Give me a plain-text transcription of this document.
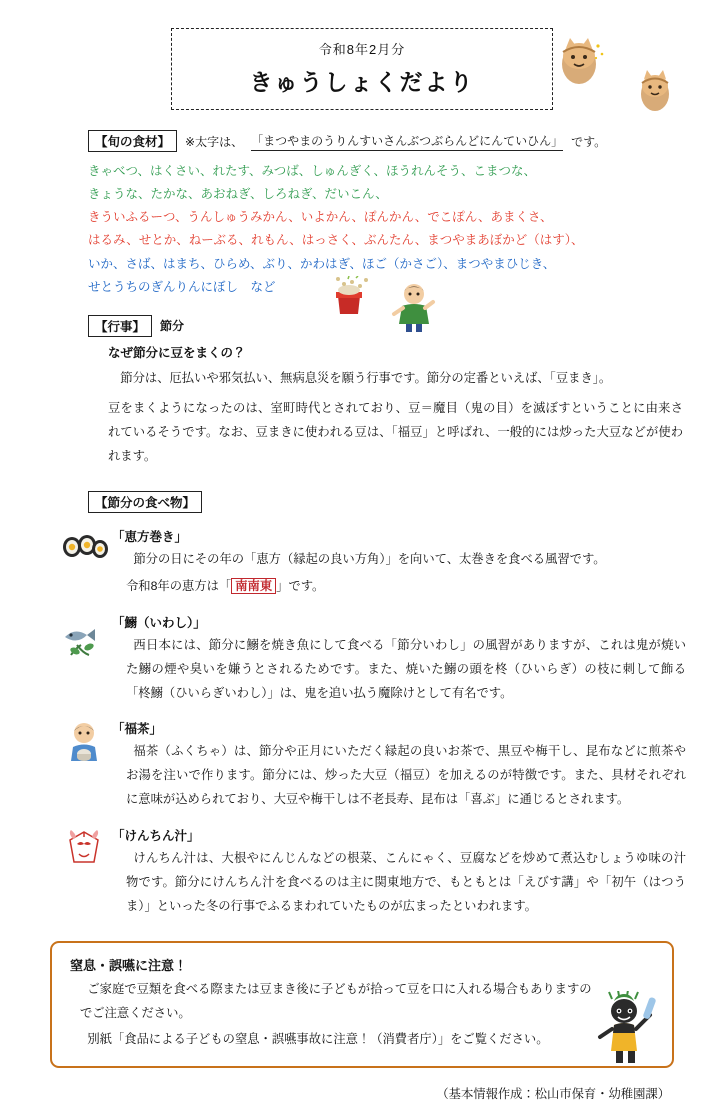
令和8年2月分
きゅうしょくだより
【旬の食材】	※太字は、 「まつやまのうりんすいさんぶつぶらんどにんていひん」 です。
きゃべつ、はくさい、れたす、みつば、しゅんぎく、ほうれんそう、こまつな、
きょうな、たかな、あおねぎ、しろねぎ、だいこん、
きういふるーつ、うんしゅうみかん、いよかん、ぽんかん、でこぽん、あまくさ、
はるみ、せとか、ねーぶる、れもん、はっさく、ぶんたん、まつやまあぼかど（はす）、
いか、さば、はまち、ひらめ、ぶり、かわはぎ、ほご（かさご）、まつやまひじき、
せとうちのぎんりんにぼし　など
【行事】	節分
なぜ節分に豆をまくの？

節分は、厄払いや邪気払い、無病息災を願う行事です。節分の定番といえば、「豆まき」。

豆をまくようになったのは、室町時代とされており、豆＝魔目（鬼の目）を滅ぼすということに由来されているそうです。なお、豆まきに使われる豆は、「福豆」と呼ばれ、一般的には炒った大豆などが使われます。

【節分の食べ物】
「恵方巻き」

節分の日にその年の「恵方（縁起の良い方角）」を向いて、太巻きを食べる風習です。

令和8年の恵方は「 南南東 」です。

「鰯（いわし）」

西日本には、節分に鰯を焼き魚にして食べる「節分いわし」の風習がありますが、これは鬼が焼いた鰯の煙や臭いを嫌うとされるためです。また、焼いた鰯の頭を柊（ひいらぎ）の枝に刺して飾る「柊鰯（ひいらぎいわし）」は、鬼を追い払う魔除けとして有名です。

「福茶」

福茶（ふくちゃ）は、節分や正月にいただく縁起の良いお茶で、黒豆や梅干し、昆布などに煎茶やお湯を注いで作ります。節分には、炒った大豆（福豆）を加えるのが特徴です。また、具材それぞれに意味が込められており、大豆や梅干しは不老長寿、昆布は「喜ぶ」に通じるとされます。

「けんちん汁」

けんちん汁は、大根やにんじんなどの根菜、こんにゃく、豆腐などを炒めて煮込むしょうゆ味の汁物です。節分にけんちん汁を食べるのは主に関東地方で、もともとは「えびす講」や「初午（はつうま）」といった冬の行事でふるまわれていたものが広まったといわれます。

窒息・誤嚥に注意！

ご家庭で豆類を食べる際または豆まき後に子どもが拾って豆を口に入れる場合もありますのでご注意ください。

別紙「食品による子どもの窒息・誤嚥事故に注意！（消費者庁）」をご覧ください。

（基本情報作成：松山市保育・幼稚園課）
